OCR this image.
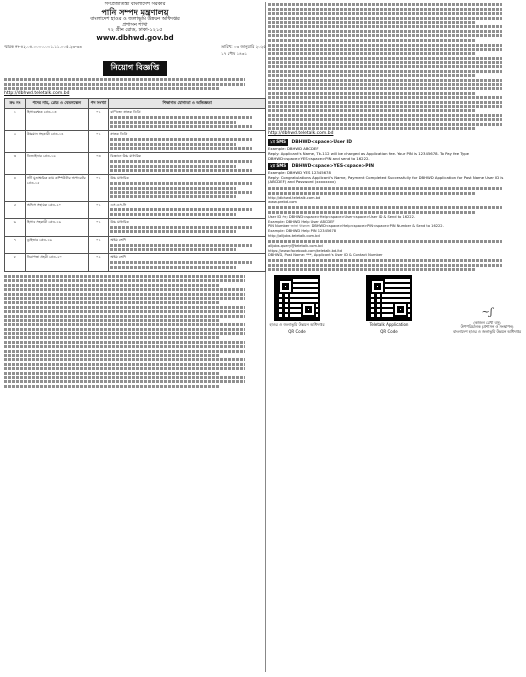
গণপ্রজাতন্ত্রী বাংলাদেশ সরকার
পানি সম্পদ মন্ত্রণালয়
বাংলাদেশ হাওর ও জলাভূমি উন্নয়ন অধিদপ্তর
প্রশাসন শাখা
৭২ গ্রীন রোড, ঢাকা-১২১৫
www.dbhwd.gov.bd
স্মারক নং-৪২.০৪.০০০০.০০১.১১.০০৫.২৩-৩৩	তারিখ: ০৩ জানুয়ারি ২০২৫
১৭ পৌষ ১৪৩১
নিয়োগ বিজ্ঞপ্তি
http://dbhwd.teletalk.com.bd
ক্রঃ নং	পদের নাম, গ্রেড ও বেতনস্কেল	পদ সংখ্যা	শিক্ষাগত যোগ্যতা ও অভিজ্ঞতা
১	হিসাবরক্ষক গ্রেড-১৩	০১	বাণিজ্যে স্নাতক ডিগ্রি

২	উচ্চমান সহকারী গ্রেড-১৪	০১	স্নাতক ডিগ্রি

৩	ডিজাইনার গ্রেড-১৬	০৩	বিজ্ঞানে উচ্চ মাধ্যমিক

৪	সাঁট মুদ্রাক্ষরিক কাম কম্পিউটার অপারেটর গ্রেড-১৫	০১	উচ্চ মাধ্যমিক

৫	অফিস সহায়ক গ্রেড-২০	০১	এস.এস.সি

৬	হিসাব সহকারী গ্রেড-১৬	০১	উচ্চ মাধ্যমিক

৭	ড্রাইভার গ্রেড-১৬	০১	অষ্টম শ্রেণি

৮	নিরাপত্তা প্রহরী গ্রেড-২০	০২	অষ্টম শ্রেণি
http://dbhwd.teletalk.com.bd
১ম SMS DBHWD<space>User ID
Example: DBHWD ABCDEF
Reply: Applicant's Name, Tk-112 will be charged as Application fee. Your PIN is 12345678. To Pay fee Type DBHWD<space>YES<space>PIN and send to 16222.
২য় SMS DBHWD<space>YES<space>PIN
Example: DBHWD YES 12345678
Reply: Congratulations Applicant's Name, Payment Completed Successfully for DBHWD Application for Post Name User ID is (ABCDEF) and Password (xxxxxxxx)
http://dbhwd.teletalk.com.bd
www.prebd.com
User ID সহ: DBHWD<space>Help<space>User<space>User ID & Send to 16222.
Example: DBHWD Help User ABCDEF
PIN Number জানা থাকলে: DBHWD<space>Help<space>PIN<space>PIN Number & Send to 16222.
Example: DBHWD Help PIN 12345678
http://alljobs.teletalk.com.bd
alljobs.query@teletalk.com.bd
https://www.facebook.com/teletalk.bd.ltd
DBHWD, Post Name: ***, Applicant's User ID & Contact Number
হাওর ও জলাভূমি উন্নয়ন অধিদপ্তর
QR Code
Teletalk Application
QR Code
~ʃ
(কাজল রেখা বসু)
উপপরিচালক (প্রশাসন ও সংস্থাপন)
বাংলাদেশ হাওর ও জলাভূমি উন্নয়ন অধিদপ্তর
